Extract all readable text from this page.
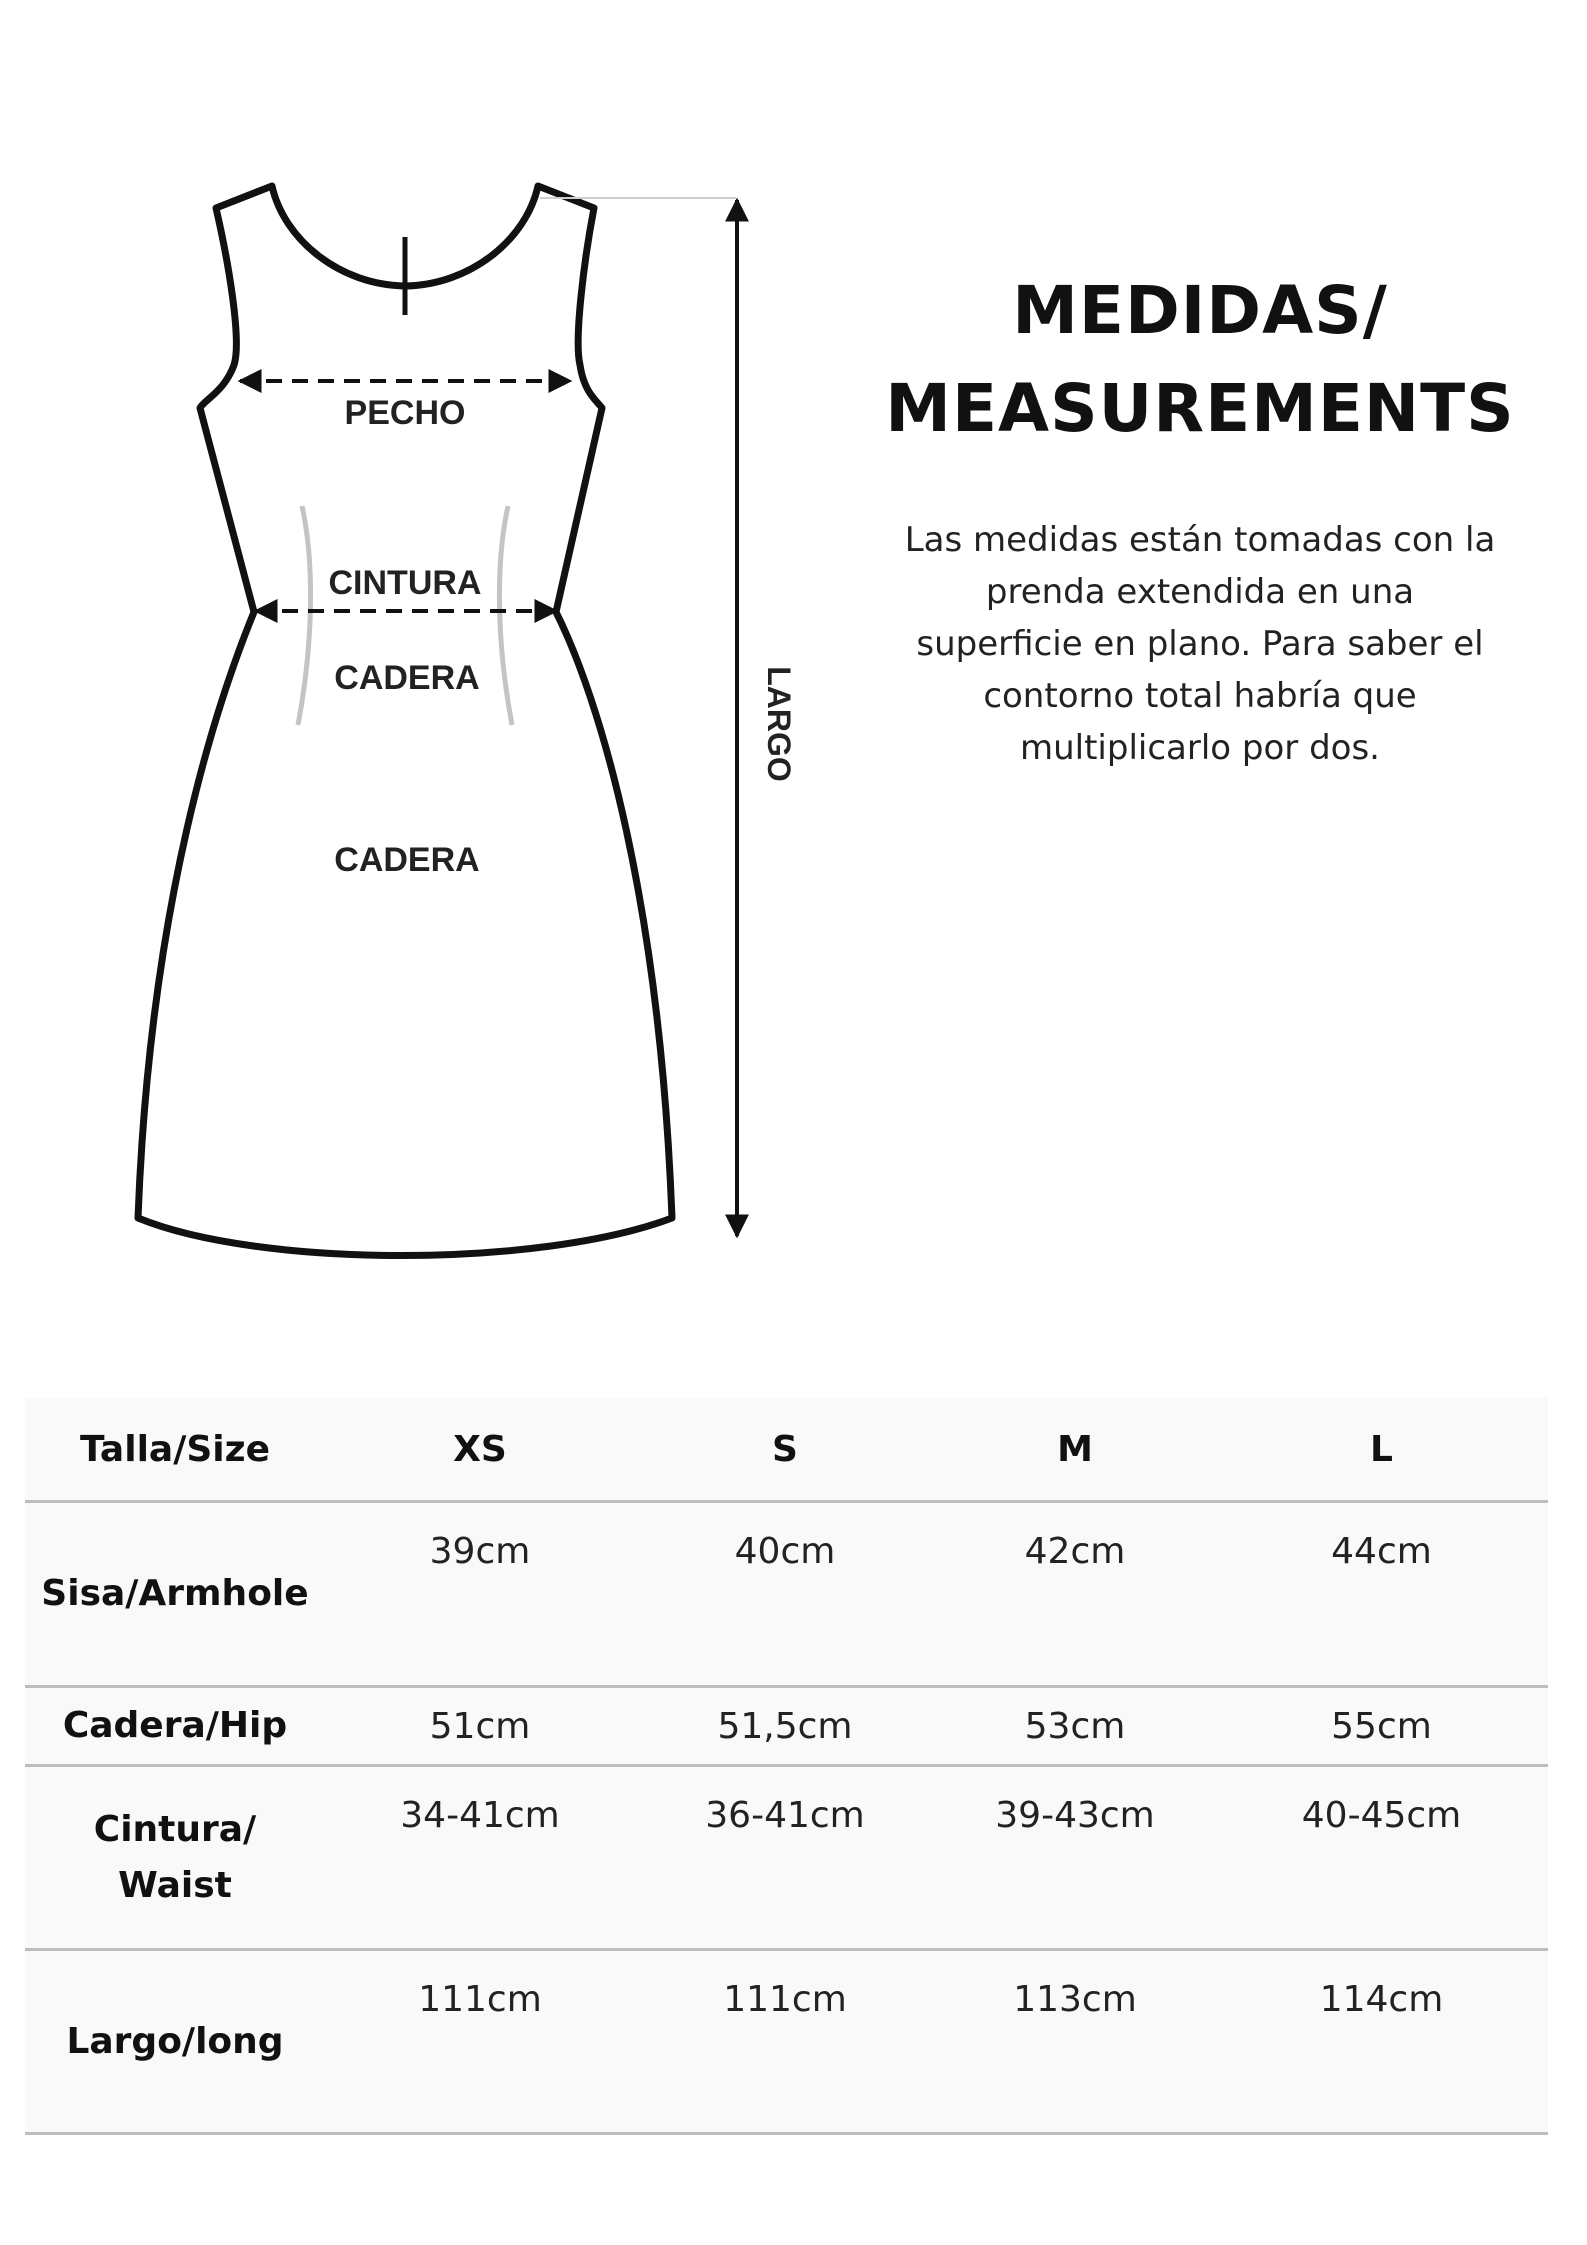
PECHO
CINTURA
CADERA
CADERA
LARGO
MEDIDAS/
MEASUREMENTS
Las medidas están tomadas con la
prenda extendida en una
superficie en plano. Para saber el
contorno total habría que
multiplicarlo por dos.
Talla/Size	XS	S	M	L
Sisa/Armhole	39cm	40cm	42cm	44cm
Cadera/Hip	51cm	51,5cm	53cm	55cm

Cintura/
Waist	34-41cm	36-41cm	39-43cm	40-45cm
Largo/long	111cm	111cm	113cm	114cm
